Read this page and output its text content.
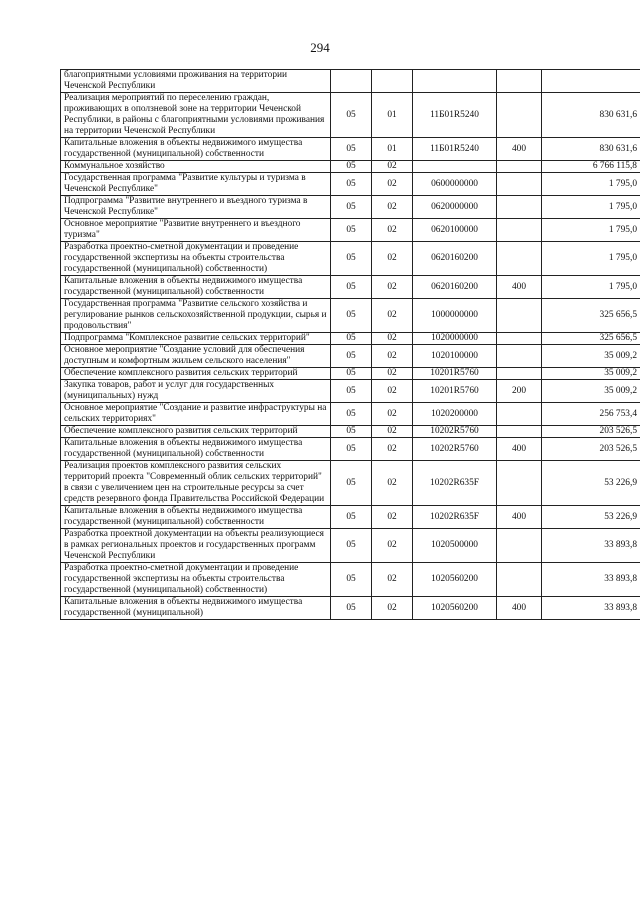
294
благоприятными условиями проживания на территории Чеченской Республики					
Реализация мероприятий по переселению граждан, проживающих в оползневой зоне на территории Чеченской Республики, в районы с благоприятными условиями проживания на территории Чеченской Республики	05	01	11Б01R5240		830 631,6
Капитальные вложения в объекты недвижимого имущества государственной (муниципальной) собственности	05	01	11Б01R5240	400	830 631,6
Коммунальное хозяйство	05	02			6 766 115,8
Государственная программа "Развитие культуры и туризма в Чеченской Республике"	05	02	0600000000		1 795,0
Подпрограмма "Развитие внутреннего и въездного туризма в Чеченской Республике"	05	02	0620000000		1 795,0
Основное мероприятие "Развитие внутреннего и въездного туризма"	05	02	0620100000		1 795,0
Разработка проектно-сметной документации и проведение государственной экспертизы на объекты строительства государственной (муниципальной) собственности)	05	02	0620160200		1 795,0
Капитальные вложения в объекты недвижимого имущества государственной (муниципальной) собственности	05	02	0620160200	400	1 795,0
Государственная программа "Развитие сельского хозяйства и регулирование рынков сельскохозяйственной продукции, сырья и продовольствия"	05	02	1000000000		325 656,5
Подпрограмма "Комплексное развитие сельских территорий"	05	02	1020000000		325 656,5
Основное мероприятие "Создание условий для обеспечения доступным и комфортным жильем сельского населения"	05	02	1020100000		35 009,2
Обеспечение комплексного развития сельских территорий	05	02	10201R5760		35 009,2
Закупка товаров, работ и услуг для государственных (муниципальных) нужд	05	02	10201R5760	200	35 009,2
Основное мероприятие "Создание и развитие инфраструктуры на сельских территориях"	05	02	1020200000		256 753,4
Обеспечение комплексного развития сельских территорий	05	02	10202R5760		203 526,5
Капитальные вложения в объекты недвижимого имущества государственной (муниципальной) собственности	05	02	10202R5760	400	203 526,5
Реализация проектов комплексного развития сельских территорий проекта "Современный облик сельских территорий" в связи с увеличением цен на строительные ресурсы за счет средств резервного фонда Правительства Российской Федерации	05	02	10202R635F		53 226,9
Капитальные вложения в объекты недвижимого имущества государственной (муниципальной) собственности	05	02	10202R635F	400	53 226,9
Разработка проектной документации на объекты реализующиеся в рамках региональных проектов и государственных программ Чеченской Республики	05	02	1020500000		33 893,8
Разработка проектно-сметной документации и проведение государственной экспертизы на объекты строительства государственной (муниципальной) собственности)	05	02	1020560200		33 893,8
Капитальные вложения в объекты недвижимого имущества государственной (муниципальной)	05	02	1020560200	400	33 893,8
